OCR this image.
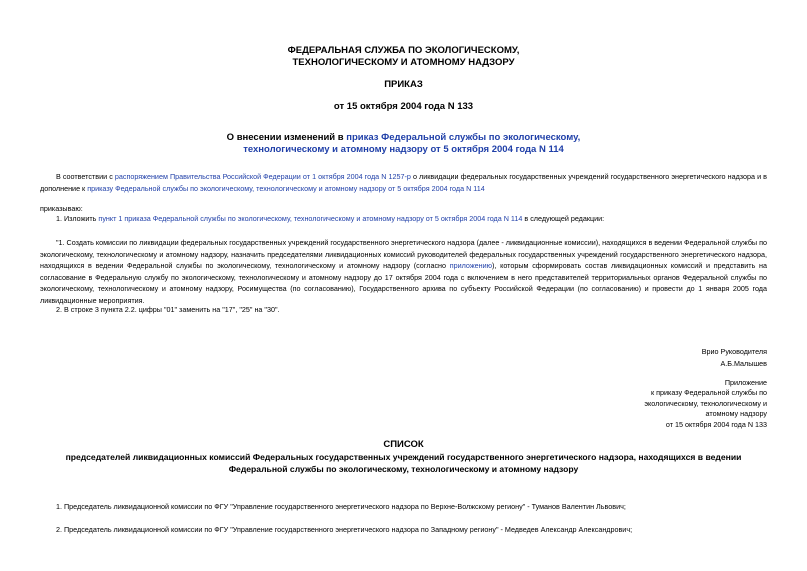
ФЕДЕРАЛЬНАЯ СЛУЖБА ПО ЭКОЛОГИЧЕСКОМУ,
ТЕХНОЛОГИЧЕСКОМУ И АТОМНОМУ НАДЗОРУ
ПРИКАЗ
от 15 октября 2004 года N 133
О внесении изменений в приказ Федеральной службы по экологическому,
технологическому и атомному надзору от 5 октября 2004 года N 114
В соответствии с распоряжением Правительства Российской Федерации от 1 октября 2004 года N 1257-р о ликвидации федеральных государственных учреждений государственного энергетического надзора и в дополнение к приказу Федеральной службы по экологическому, технологическому и атомному надзору от 5 октября 2004 года N 114
приказываю:
1. Изложить пункт 1 приказа Федеральной службы по экологическому, технологическому и атомному надзору от 5 октября 2004 года N 114 в следующей редакции:
"1. Создать комиссии по ликвидации федеральных государственных учреждений государственного энергетического надзора (далее - ликвидационные комиссии), находящихся в ведении Федеральной службы по экологическому, технологическому и атомному надзору, назначить председателями ликвидационных комиссий руководителей федеральных государственных учреждений государственного энергетического надзора, находящихся в ведении Федеральной службы по экологическому, технологическому и атомному надзору (согласно приложению), которым сформировать состав ликвидационных комиссий и представить на согласование в Федеральную службу по экологическому, технологическому и атомному надзору до 17 октября 2004 года с включением в него представителей территориальных органов Федеральной службы по экологическому, технологическому и атомному надзору, Росимущества (по согласованию), Государственного архива по субъекту Российской Федерации (по согласованию) и провести до 1 января 2005 года ликвидационные мероприятия.
2. В строке 3 пункта 2.2. цифры "01" заменить на "17", "25" на "30".
Врио Руководителя
А.Б.Малышев
Приложение
к приказу Федеральной службы по
экологическому, технологическому и
атомному надзору
от 15 октября 2004 года N 133
СПИСОК
председателей ликвидационных комиссий Федеральных государственных учреждений государственного энергетического надзора, находящихся в ведении
Федеральной службы по экологическому, технологическому и атомному надзору
1. Председатель ликвидационной комиссии по ФГУ "Управление государственного энергетического надзора по Верхне-Волжскому региону" - Туманов Валентин Львович;
2. Председатель ликвидационной комиссии по ФГУ "Управление государственного энергетического надзора по Западному региону" - Медведев Александр Александрович;
